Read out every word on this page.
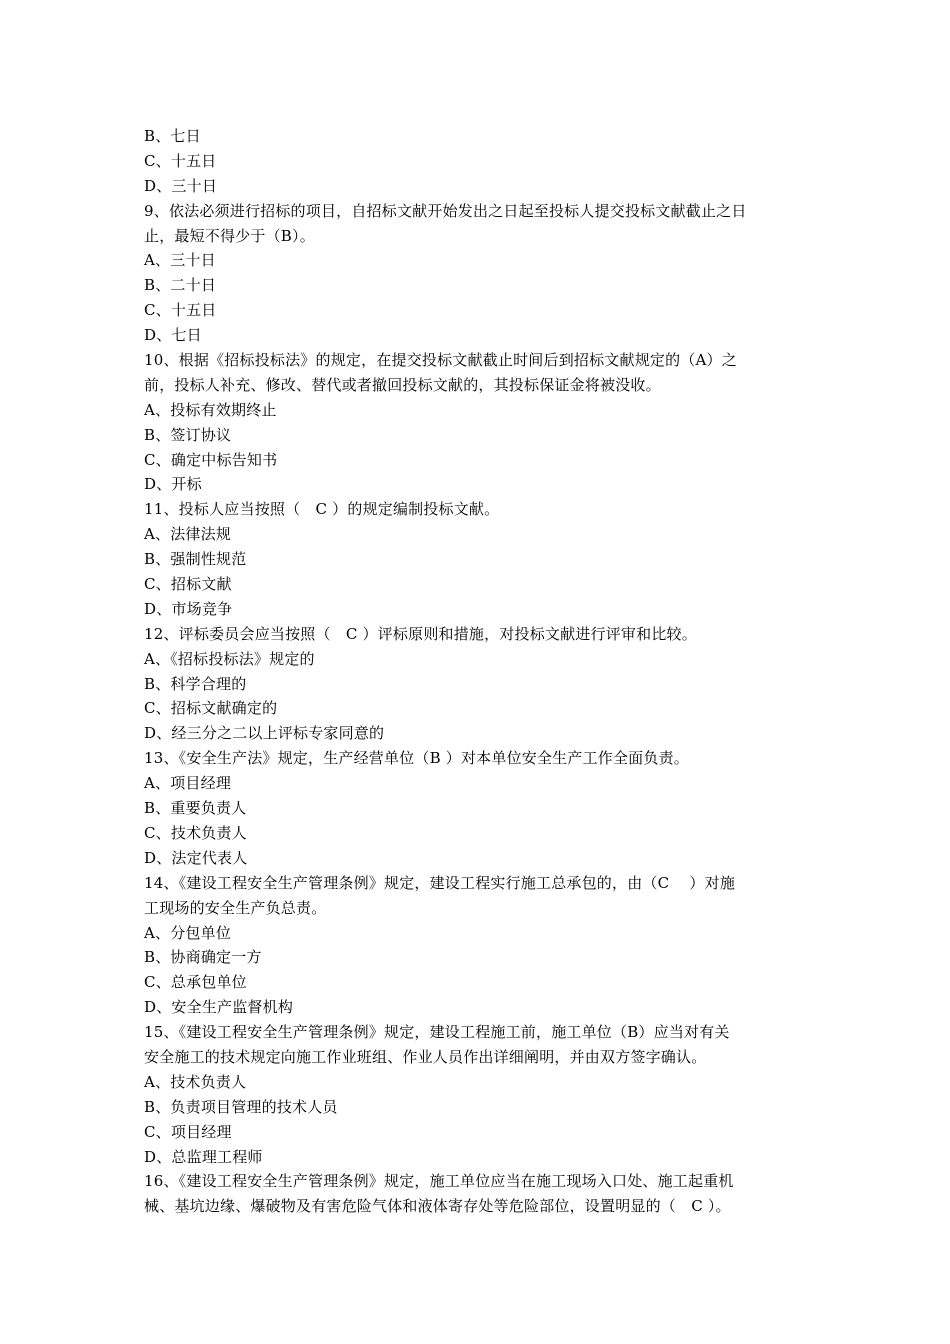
B、七日
C、十五日
D、三十日
9、依法必须进行招标的项目，自招标文献开始发出之日起至投标人提交投标文献截止之日
止，最短不得少于（B）。
A、三十日
B、二十日
C、十五日
D、七日
10、根据《招标投标法》的规定，在提交投标文献截止时间后到招标文献规定的（A）之
前，投标人补充、修改、替代或者撤回投标文献的，其投标保证金将被没收。
A、投标有效期终止
B、签订协议
C、确定中标告知书
D、开标
11、投标人应当按照（　C ）的规定编制投标文献。
A、法律法规
B、强制性规范
C、招标文献
D、市场竞争
12、评标委员会应当按照（　C ）评标原则和措施，对投标文献进行评审和比较。
A、《招标投标法》规定的
B、科学合理的
C、招标文献确定的
D、经三分之二以上评标专家同意的
13、《安全生产法》规定，生产经营单位（B ）对本单位安全生产工作全面负责。
A、项目经理
B、重要负责人
C、技术负责人
D、法定代表人
14、《建设工程安全生产管理条例》规定，建设工程实行施工总承包的，由（C　 ）对施
工现场的安全生产负总责。
A、分包单位
B、协商确定一方
C、总承包单位
D、安全生产监督机构
15、《建设工程安全生产管理条例》规定，建设工程施工前，施工单位（B）应当对有关
安全施工的技术规定向施工作业班组、作业人员作出详细阐明，并由双方签字确认。
A、技术负责人
B、负责项目管理的技术人员
C、项目经理
D、总监理工程师
16、《建设工程安全生产管理条例》规定，施工单位应当在施工现场入口处、施工起重机
械、基坑边缘、爆破物及有害危险气体和液体寄存处等危险部位，设置明显的（　C ）。
